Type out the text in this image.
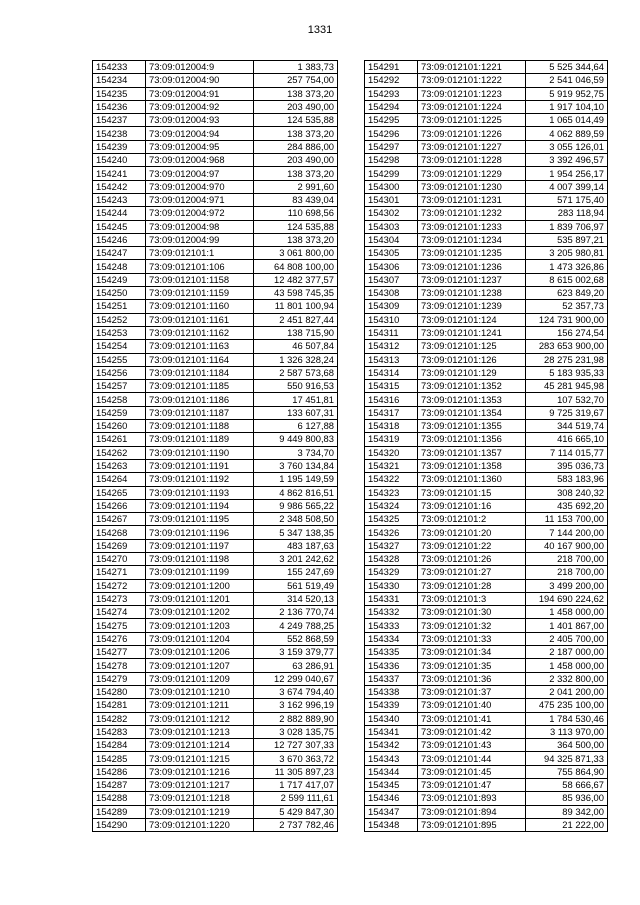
1331
154233	73:09:012004:9	1 383,73
154234	73:09:012004:90	257 754,00
154235	73:09:012004:91	138 373,20
154236	73:09:012004:92	203 490,00
154237	73:09:012004:93	124 535,88
154238	73:09:012004:94	138 373,20
154239	73:09:012004:95	284 886,00
154240	73:09:012004:968	203 490,00
154241	73:09:012004:97	138 373,20
154242	73:09:012004:970	2 991,60
154243	73:09:012004:971	83 439,04
154244	73:09:012004:972	110 698,56
154245	73:09:012004:98	124 535,88
154246	73:09:012004:99	138 373,20
154247	73:09:012101:1	3 061 800,00
154248	73:09:012101:106	64 808 100,00
154249	73:09:012101:1158	12 482 377,57
154250	73:09:012101:1159	43 598 745,35
154251	73:09:012101:1160	11 801 100,94
154252	73:09:012101:1161	2 451 827,44
154253	73:09:012101:1162	138 715,90
154254	73:09:012101:1163	46 507,84
154255	73:09:012101:1164	1 326 328,24
154256	73:09:012101:1184	2 587 573,68
154257	73:09:012101:1185	550 916,53
154258	73:09:012101:1186	17 451,81
154259	73:09:012101:1187	133 607,31
154260	73:09:012101:1188	6 127,88
154261	73:09:012101:1189	9 449 800,83
154262	73:09:012101:1190	3 734,70
154263	73:09:012101:1191	3 760 134,84
154264	73:09:012101:1192	1 195 149,59
154265	73:09:012101:1193	4 862 816,51
154266	73:09:012101:1194	9 986 565,22
154267	73:09:012101:1195	2 348 508,50
154268	73:09:012101:1196	5 347 138,35
154269	73:09:012101:1197	483 187,63
154270	73:09:012101:1198	3 201 242,62
154271	73:09:012101:1199	155 247,69
154272	73:09:012101:1200	561 519,49
154273	73:09:012101:1201	314 520,13
154274	73:09:012101:1202	2 136 770,74
154275	73:09:012101:1203	4 249 788,25
154276	73:09:012101:1204	552 868,59
154277	73:09:012101:1206	3 159 379,77
154278	73:09:012101:1207	63 286,91
154279	73:09:012101:1209	12 299 040,67
154280	73:09:012101:1210	3 674 794,40
154281	73:09:012101:1211	3 162 996,19
154282	73:09:012101:1212	2 882 889,90
154283	73:09:012101:1213	3 028 135,75
154284	73:09:012101:1214	12 727 307,33
154285	73:09:012101:1215	3 670 363,72
154286	73:09:012101:1216	11 305 897,23
154287	73:09:012101:1217	1 717 417,07
154288	73:09:012101:1218	2 599 111,61
154289	73:09:012101:1219	5 429 847,30
154290	73:09:012101:1220	2 737 782,46
154291	73:09:012101:1221	5 525 344,64
154292	73:09:012101:1222	2 541 046,59
154293	73:09:012101:1223	5 919 952,75
154294	73:09:012101:1224	1 917 104,10
154295	73:09:012101:1225	1 065 014,49
154296	73:09:012101:1226	4 062 889,59
154297	73:09:012101:1227	3 055 126,01
154298	73:09:012101:1228	3 392 496,57
154299	73:09:012101:1229	1 954 256,17
154300	73:09:012101:1230	4 007 399,14
154301	73:09:012101:1231	571 175,40
154302	73:09:012101:1232	283 118,94
154303	73:09:012101:1233	1 839 706,97
154304	73:09:012101:1234	535 897,21
154305	73:09:012101:1235	3 205 980,81
154306	73:09:012101:1236	1 473 326,86
154307	73:09:012101:1237	8 615 002,68
154308	73:09:012101:1238	623 849,20
154309	73:09:012101:1239	52 357,73
154310	73:09:012101:124	124 731 900,00
154311	73:09:012101:1241	156 274,54
154312	73:09:012101:125	283 653 900,00
154313	73:09:012101:126	28 275 231,98
154314	73:09:012101:129	5 183 935,33
154315	73:09:012101:1352	45 281 945,98
154316	73:09:012101:1353	107 532,70
154317	73:09:012101:1354	9 725 319,67
154318	73:09:012101:1355	344 519,74
154319	73:09:012101:1356	416 665,10
154320	73:09:012101:1357	7 114 015,77
154321	73:09:012101:1358	395 036,73
154322	73:09:012101:1360	583 183,96
154323	73:09:012101:15	308 240,32
154324	73:09:012101:16	435 692,20
154325	73:09:012101:2	11 153 700,00
154326	73:09:012101:20	7 144 200,00
154327	73:09:012101:22	40 167 900,00
154328	73:09:012101:26	218 700,00
154329	73:09:012101:27	218 700,00
154330	73:09:012101:28	3 499 200,00
154331	73:09:012101:3	194 690 224,62
154332	73:09:012101:30	1 458 000,00
154333	73:09:012101:32	1 401 867,00
154334	73:09:012101:33	2 405 700,00
154335	73:09:012101:34	2 187 000,00
154336	73:09:012101:35	1 458 000,00
154337	73:09:012101:36	2 332 800,00
154338	73:09:012101:37	2 041 200,00
154339	73:09:012101:40	475 235 100,00
154340	73:09:012101:41	1 784 530,46
154341	73:09:012101:42	3 113 970,00
154342	73:09:012101:43	364 500,00
154343	73:09:012101:44	94 325 871,33
154344	73:09:012101:45	755 864,90
154345	73:09:012101:47	58 666,67
154346	73:09:012101:893	85 936,00
154347	73:09:012101:894	89 342,00
154348	73:09:012101:895	21 222,00
